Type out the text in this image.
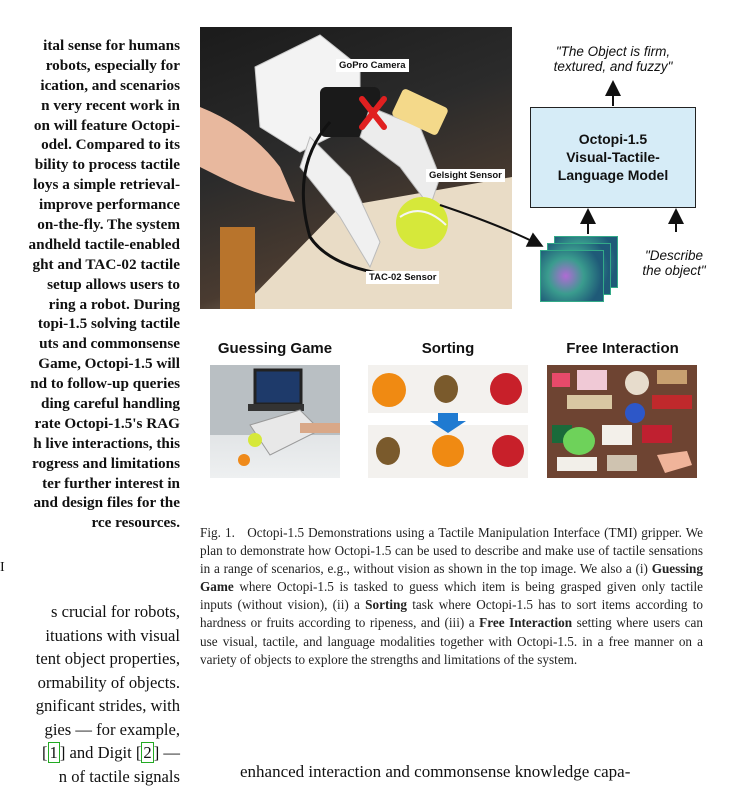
ital sense for humans
robots, especially for
ication, and scenarios
n very recent work in
on will feature Octopi-
odel. Compared to its
bility to process tactile
loys a simple retrieval-
improve performance
on-the-fly. The system
andheld tactile-enabled
ght and TAC-02 tactile
setup allows users to
ring a robot. During
topi-1.5 solving tactile
uts and commonsense
Game, Octopi-1.5 will
nd to follow-up queries
ding careful handling
rate Octopi-1.5's RAG
h live interactions, this
rogress and limitations
ter further interest in
and design files for the
rce resources.
I
s crucial for robots,
ituations with visual
tent object properties,
ormability of objects.
gnificant strides, with
gies — for example,
[ 1 ] and Digit [ 2 ] —
n of tactile signals
GoPro Camera
Gelsight Sensor
TAC-02 Sensor
"The Object is firm, textured, and fuzzy"
Octopi-1.5
Visual-Tactile-
Language Model
"Describe the object"
Guessing Game	Sorting	Free Interaction
Fig. 1. Octopi-1.5 Demonstrations using a Tactile Manipulation Interface (TMI) gripper. We plan to demonstrate how Octopi-1.5 can be used to describe and make use of tactile sensations in a range of scenarios, e.g., without vision as shown in the top image. We also a (i) Guessing Game where Octopi-1.5 is tasked to guess which item is being grasped given only tactile inputs (without vision), (ii) a Sorting task where Octopi-1.5 has to sort items according to hardness or fruits according to ripeness, and (iii) a Free Interaction setting where users can use visual, tactile, and language modalities together with Octopi-1.5. in a free manner on a variety of objects to explore the strengths and limitations of the system.
enhanced interaction and commonsense knowledge capa-
